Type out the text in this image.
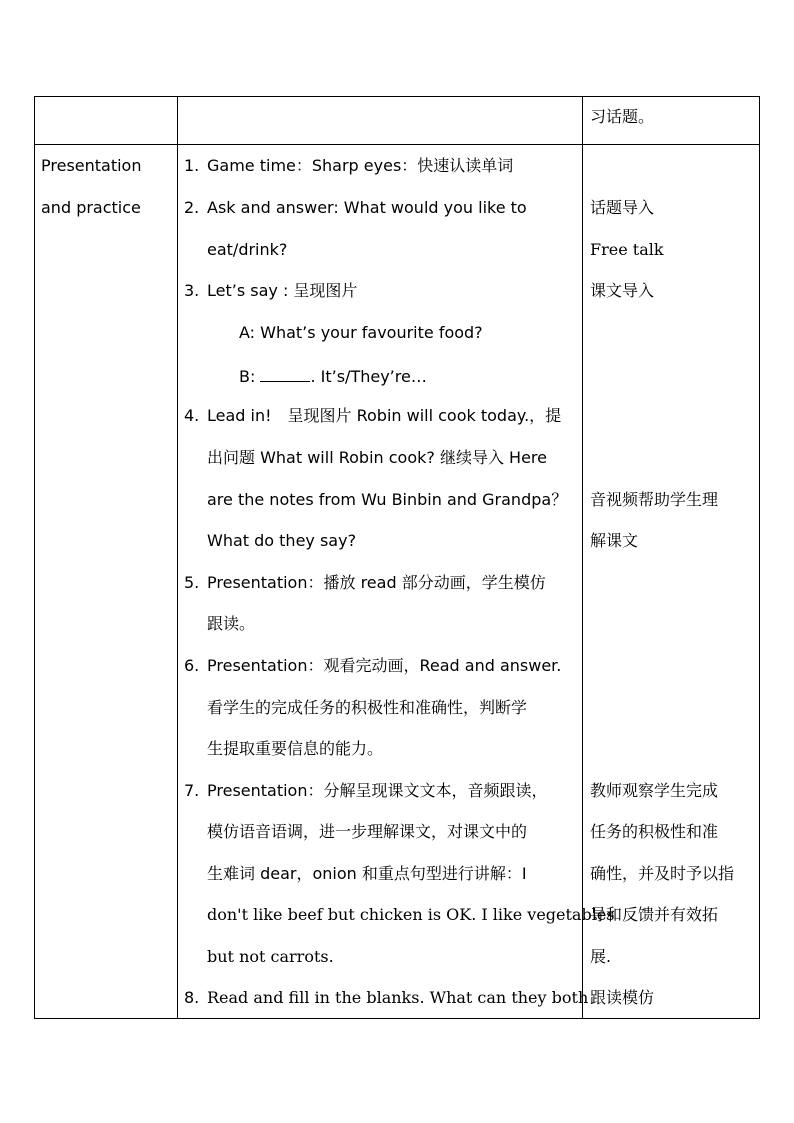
习话题。
Presentation
and practice
1. Game time：Sharp eyes：快速认读单词
2. Ask and answer: What would you like to
eat/drink?
3. Let’s say : 呈现图片
A: What’s your favourite food?
B:	. It’s/They’re…
4. Lead in!　呈现图片 Robin will cook today.，提
出问题 What will Robin cook? 继续导入 Here
are the notes from Wu Binbin and Grandpa？
What do they say?
5. Presentation：播放 read 部分动画，学生模仿
跟读。
6. Presentation：观看完动画，Read and answer.
看学生的完成任务的积极性和准确性，判断学
生提取重要信息的能力。
7. Presentation：分解呈现课文文本，音频跟读，
模仿语音语调，进一步理解课文，对课文中的
生难词 dear，onion 和重点句型进行讲解：I
don't like beef but chicken is OK. I like vegetables
but not carrots.
8. Read and fill in the blanks. What can they both
话题导入
Free talk
课文导入
音视频帮助学生理
解课文
教师观察学生完成
任务的积极性和准
确性，并及时予以指
导和反馈并有效拓
展.
跟读模仿
